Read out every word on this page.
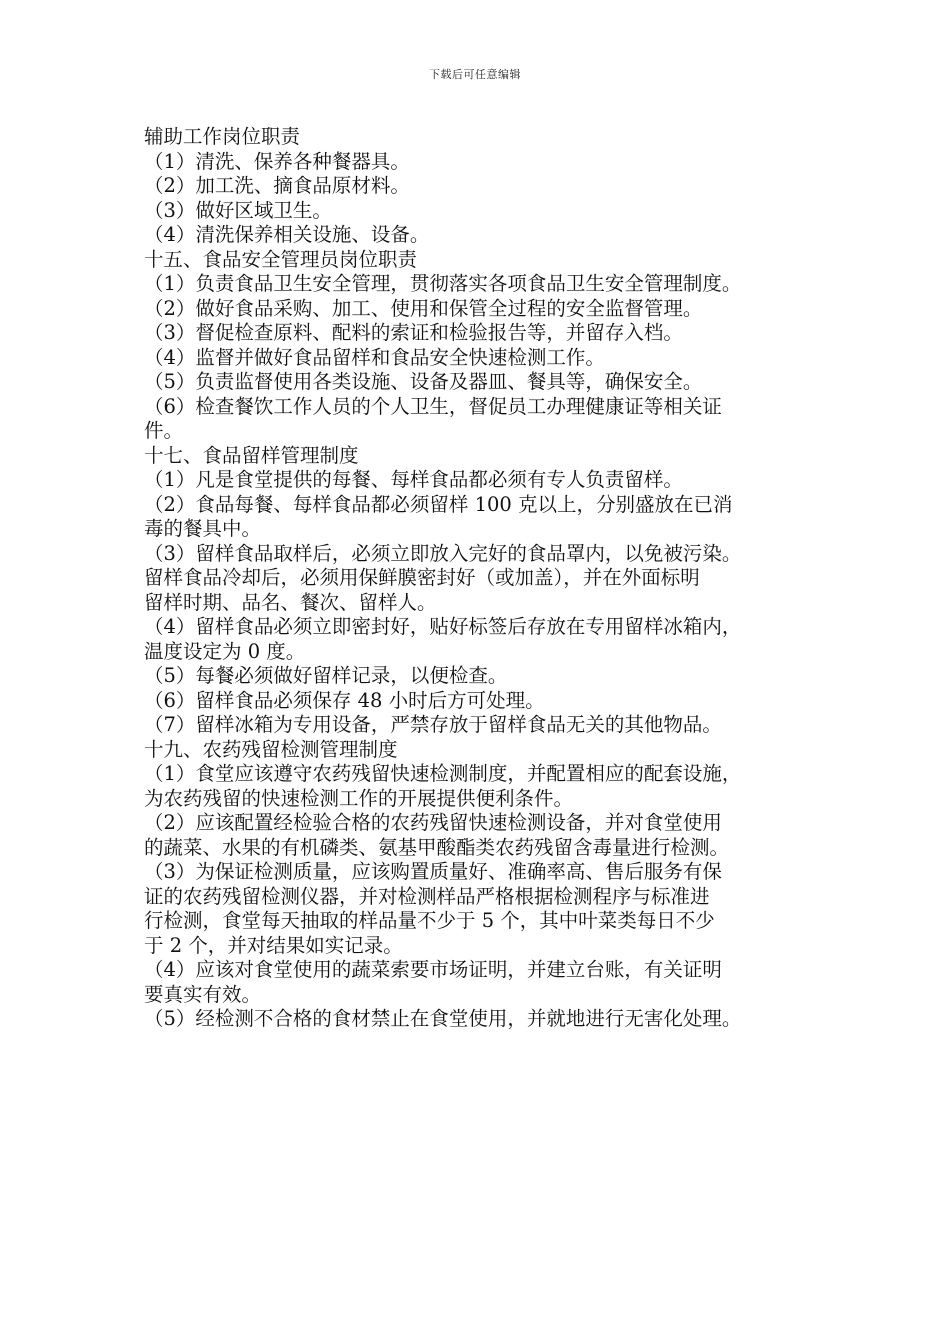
下载后可任意编辑
辅助工作岗位职责
（1）清洗、保养各种餐器具。
（2）加工洗、摘食品原材料。
（3）做好区域卫生。
（4）清洗保养相关设施、设备。
十五、食品安全管理员岗位职责
（1）负责食品卫生安全管理，贯彻落实各项食品卫生安全管理制度。
（2）做好食品采购、加工、使用和保管全过程的安全监督管理。
（3）督促检查原料、配料的索证和检验报告等，并留存入档。
（4）监督并做好食品留样和食品安全快速检测工作。
（5）负责监督使用各类设施、设备及器皿、餐具等，确保安全。
（6）检查餐饮工作人员的个人卫生，督促员工办理健康证等相关证
件。
十七、食品留样管理制度
（1）凡是食堂提供的每餐、每样食品都必须有专人负责留样。
（2）食品每餐、每样食品都必须留样 100 克以上，分别盛放在已消
毒的餐具中。
（3）留样食品取样后，必须立即放入完好的食品罩内，以免被污染。
留样食品冷却后，必须用保鲜膜密封好（或加盖），并在外面标明
留样时期、品名、餐次、留样人。
（4）留样食品必须立即密封好，贴好标签后存放在专用留样冰箱内，
温度设定为 0 度。
（5）每餐必须做好留样记录，以便检查。
（6）留样食品必须保存 48 小时后方可处理。
（7）留样冰箱为专用设备，严禁存放于留样食品无关的其他物品。
十九、农药残留检测管理制度
（1）食堂应该遵守农药残留快速检测制度，并配置相应的配套设施，
为农药残留的快速检测工作的开展提供便利条件。
（2）应该配置经检验合格的农药残留快速检测设备，并对食堂使用
的蔬菜、水果的有机磷类、氨基甲酸酯类农药残留含毒量进行检测。
（3）为保证检测质量，应该购置质量好、准确率高、售后服务有保
证的农药残留检测仪器，并对检测样品严格根据检测程序与标准进
行检测，食堂每天抽取的样品量不少于 5 个，其中叶菜类每日不少
于 2 个，并对结果如实记录。
（4）应该对食堂使用的蔬菜索要市场证明，并建立台账，有关证明
要真实有效。
（5）经检测不合格的食材禁止在食堂使用，并就地进行无害化处理。
